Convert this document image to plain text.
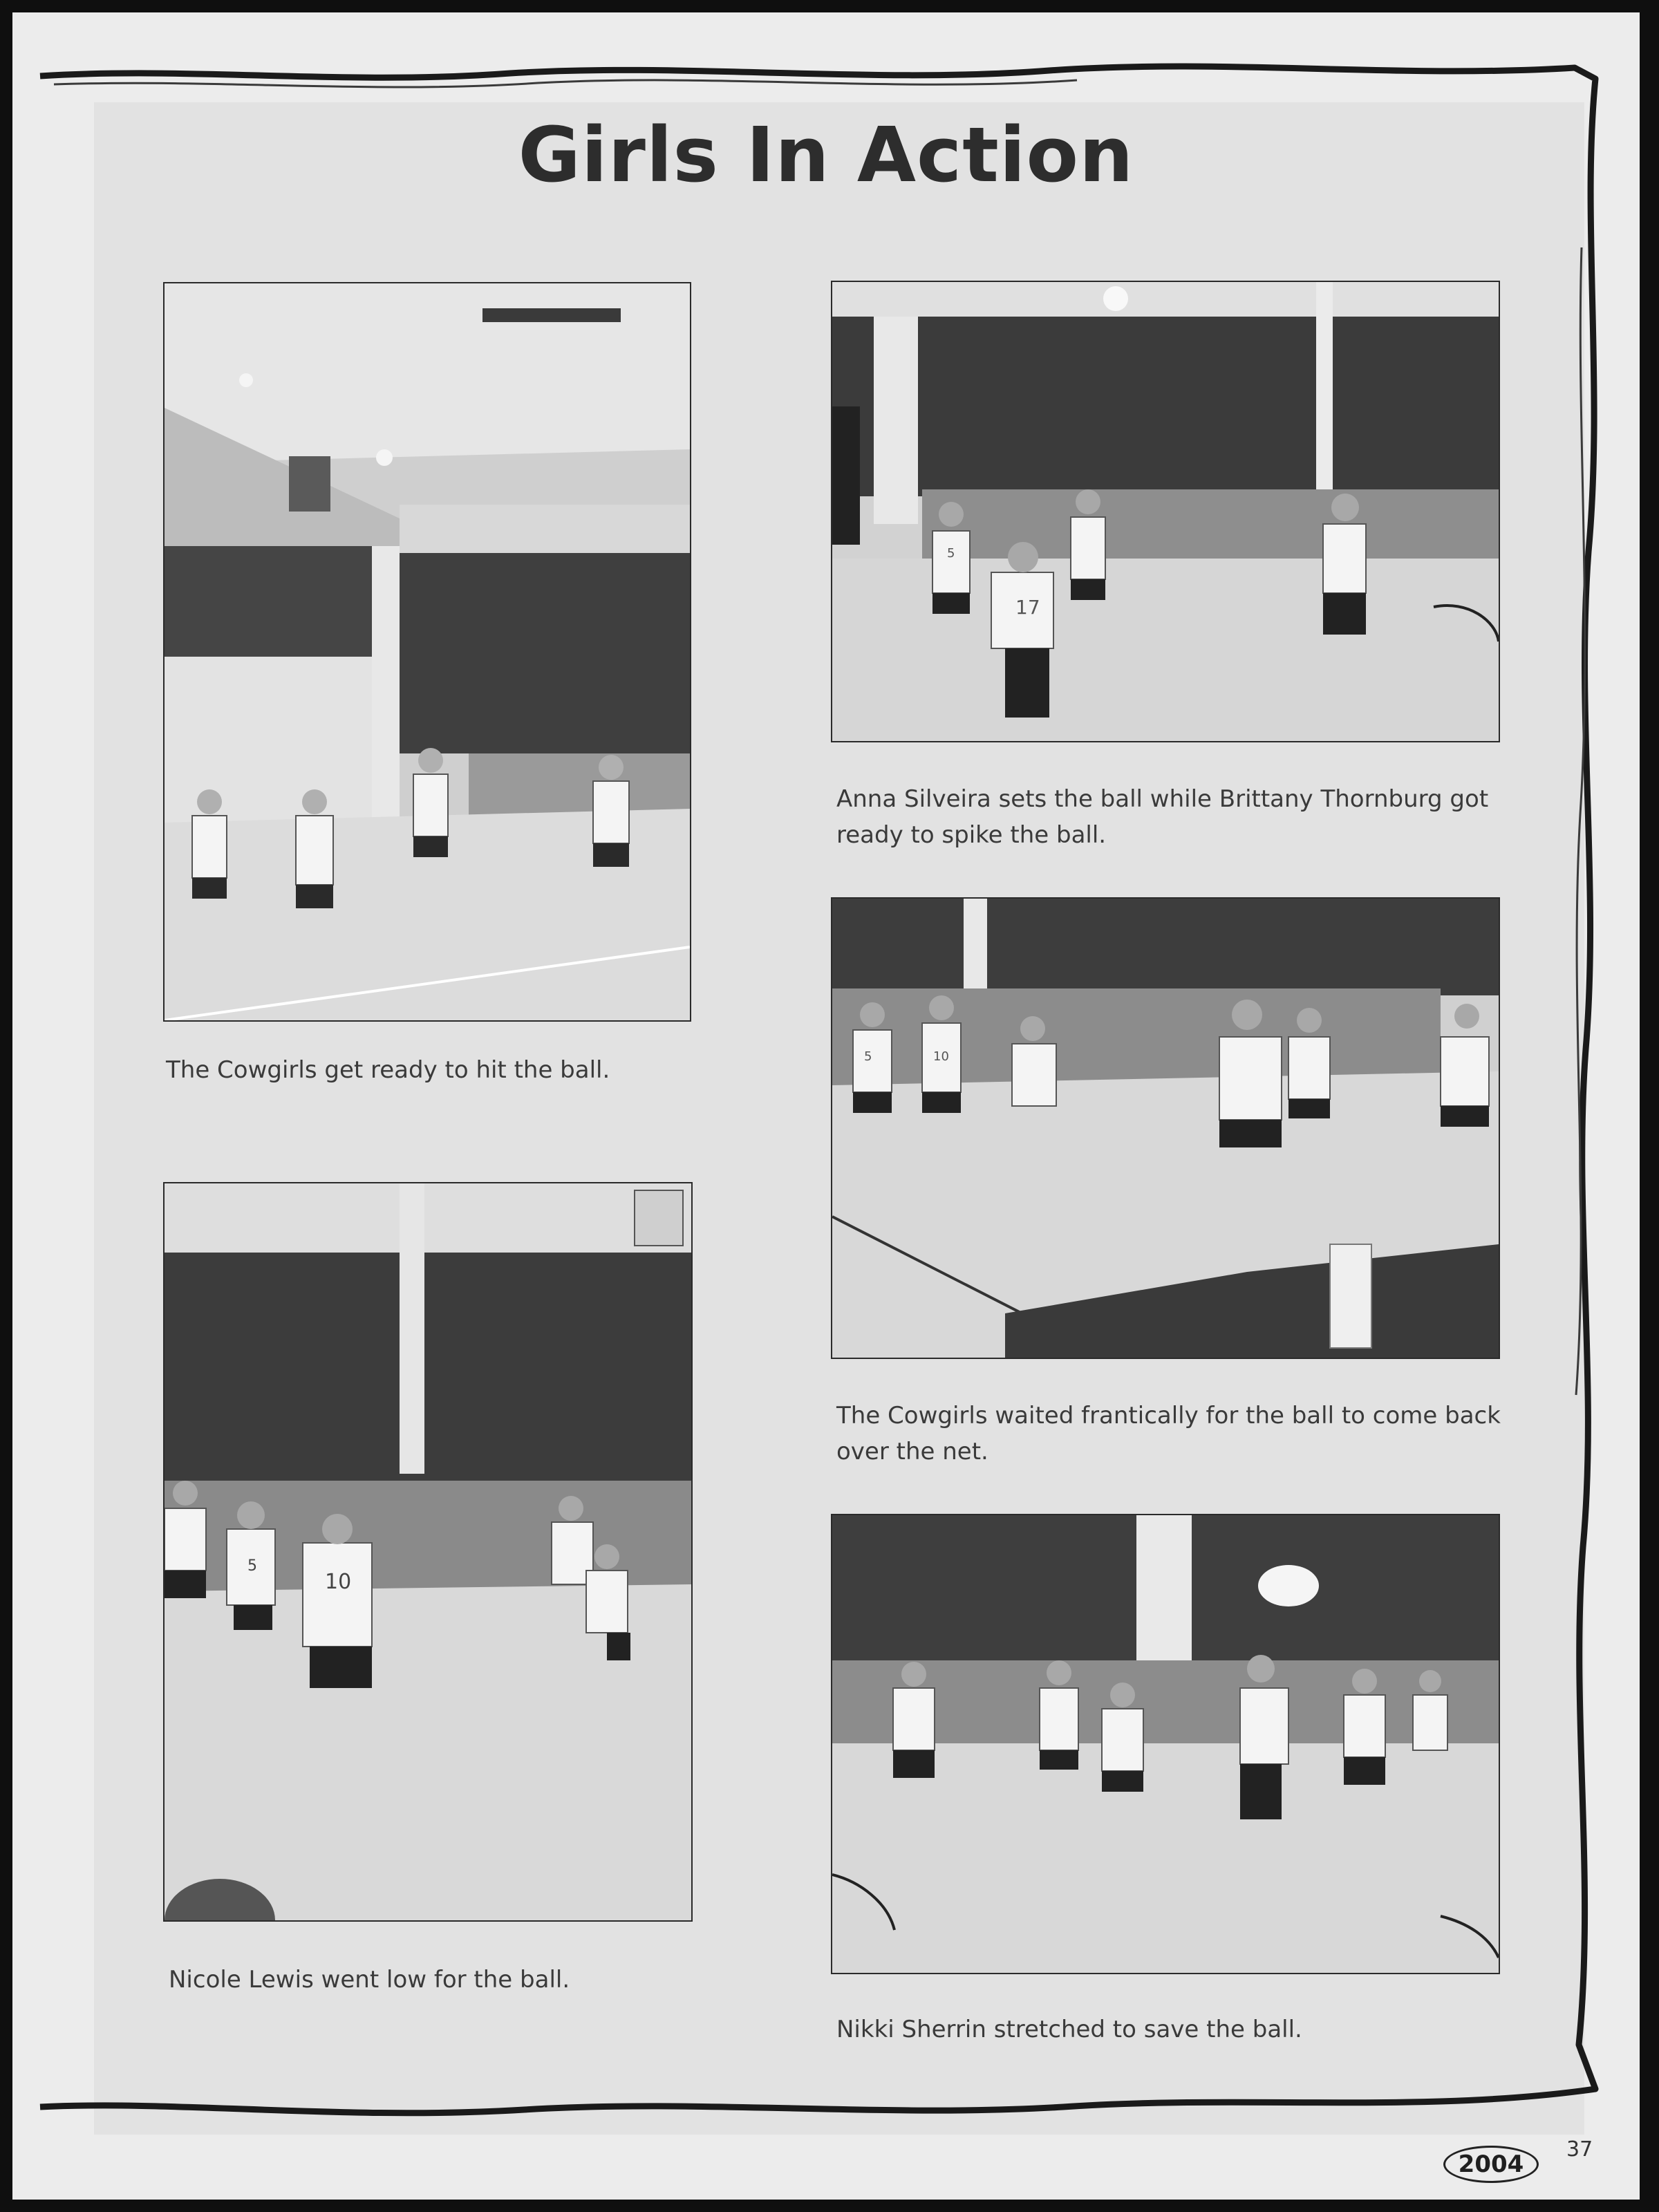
Girls In Action
The Cowgirls get ready to hit the ball.
17
5
Anna Silveira sets the ball while Brittany Thornburg got ready to spike the ball.
5	10
The Cowgirls waited frantically for the ball to come back over the net.
5
10
Nicole Lewis went low for the ball.
Nikki Sherrin stretched to save the ball.
2004
37
